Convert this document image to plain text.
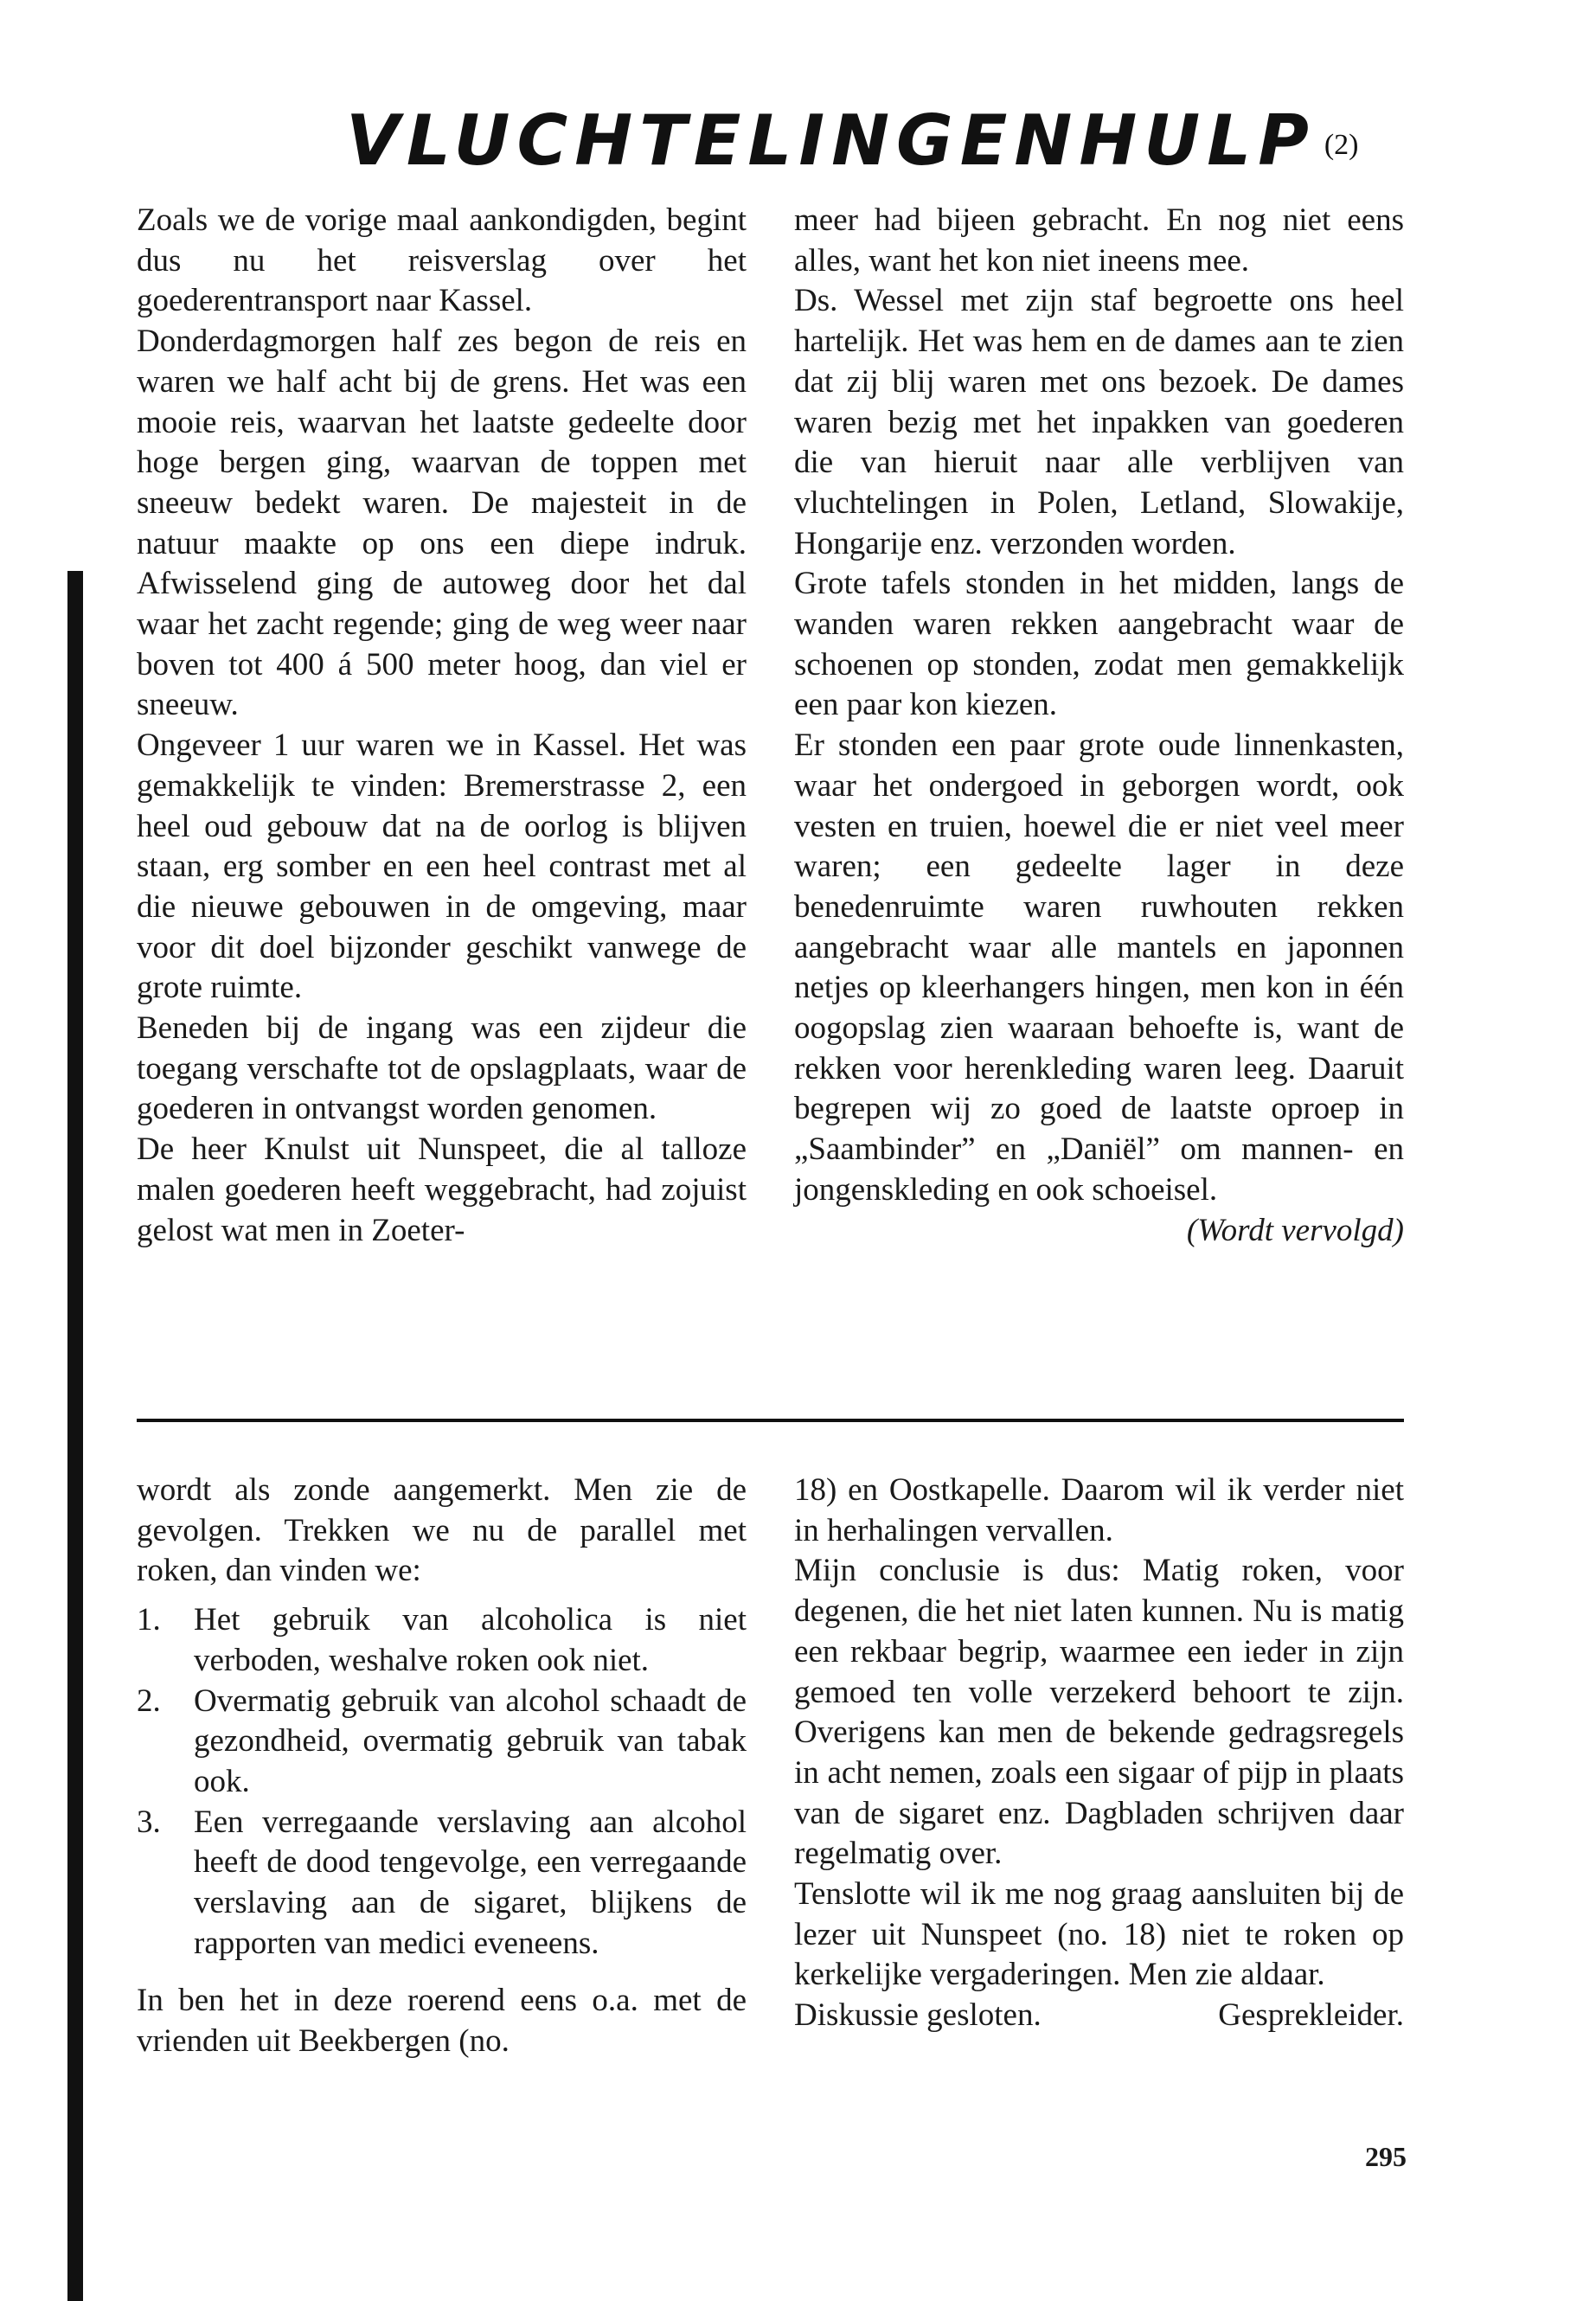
VLUCHTELINGENHULP (2)

Zoals we de vorige maal aankondigden, begint dus nu het reisverslag over het goederentransport naar Kassel.

Donderdagmorgen half zes begon de reis en waren we half acht bij de grens. Het was een mooie reis, waarvan het laatste gedeelte door hoge bergen ging, waarvan de toppen met sneeuw bedekt waren. De majesteit in de natuur maakte op ons een diepe indruk. Afwisselend ging de autoweg door het dal waar het zacht regende; ging de weg weer naar boven tot 400 á 500 meter hoog, dan viel er sneeuw.

Ongeveer 1 uur waren we in Kassel. Het was gemakkelijk te vinden: Bremerstrasse 2, een heel oud gebouw dat na de oorlog is blijven staan, erg somber en een heel contrast met al die nieuwe gebouwen in de omgeving, maar voor dit doel bijzonder geschikt vanwege de grote ruimte.

Beneden bij de ingang was een zijdeur die toegang verschafte tot de opslagplaats, waar de goederen in ontvangst worden genomen.

De heer Knulst uit Nunspeet, die al talloze malen goederen heeft weggebracht, had zojuist gelost wat men in Zoeter-

meer had bijeen gebracht. En nog niet eens alles, want het kon niet ineens mee.

Ds. Wessel met zijn staf begroette ons heel hartelijk. Het was hem en de dames aan te zien dat zij blij waren met ons bezoek. De dames waren bezig met het inpakken van goederen die van hieruit naar alle verblijven van vluchtelingen in Polen, Letland, Slowakije, Hongarije enz. verzonden worden.

Grote tafels stonden in het midden, langs de wanden waren rekken aangebracht waar de schoenen op stonden, zodat men gemakkelijk een paar kon kiezen.

Er stonden een paar grote oude linnenkasten, waar het ondergoed in geborgen wordt, ook vesten en truien, hoewel die er niet veel meer waren; een gedeelte lager in deze benedenruimte waren ruwhouten rekken aangebracht waar alle mantels en japonnen netjes op kleerhangers hingen, men kon in één oogopslag zien waaraan behoefte is, want de rekken voor herenkleding waren leeg. Daaruit begrepen wij zo goed de laatste oproep in „Saambinder” en „Daniël” om mannen- en jongenskleding en ook schoeisel.

(Wordt vervolgd)

wordt als zonde aangemerkt. Men zie de gevolgen. Trekken we nu de parallel met roken, dan vinden we:

1.	Het gebruik van alcoholica is niet verboden, weshalve roken ook niet.
2.	Overmatig gebruik van alcohol schaadt de gezondheid, overmatig gebruik van tabak ook.
3.	Een verregaande verslaving aan alcohol heeft de dood tengevolge, een verregaande verslaving aan de sigaret, blijkens de rapporten van medici eveneens.

In ben het in deze roerend eens o.a. met de vrienden uit Beekbergen (no.

18) en Oostkapelle. Daarom wil ik verder niet in herhalingen vervallen.

Mijn conclusie is dus: Matig roken, voor degenen, die het niet laten kunnen. Nu is matig een rekbaar begrip, waarmee een ieder in zijn gemoed ten volle verzekerd behoort te zijn. Overigens kan men de bekende gedragsregels in acht nemen, zoals een sigaar of pijp in plaats van de sigaret enz. Dagbladen schrijven daar regelmatig over.

Tenslotte wil ik me nog graag aansluiten bij de lezer uit Nunspeet (no. 18) niet te roken op kerkelijke vergaderingen. Men zie aldaar.

Diskussie gesloten.	Gesprekleider.
295
